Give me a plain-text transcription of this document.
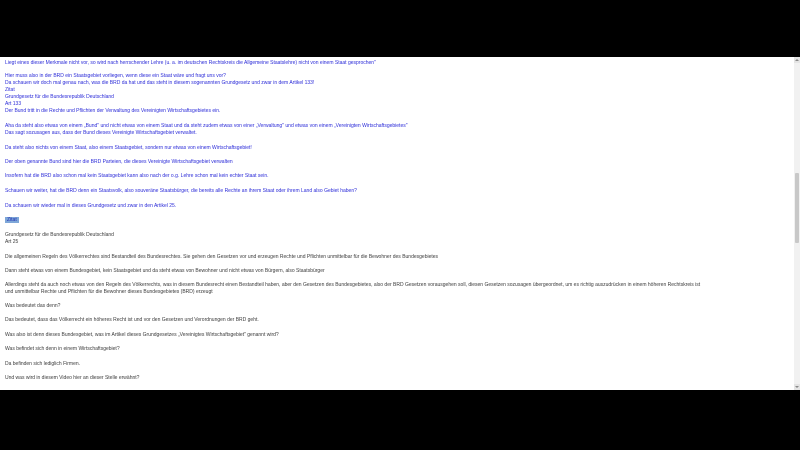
Liegt eines dieser Merkmale nicht vor, so wird nach herrschender Lehre (u. a. im deutschen Rechtskreis die Allgemeine Staatslehre) nicht von einem Staat gesprochen"
Hier muss also in der BRD ein Staatsgebiet vorliegen, wenn diese ein Staat wäre und fragt uns vor?
Da schauen wir doch mal genau nach, was die BRD da hat und das steht in diesem sogenannten Grundgesetz und zwar in dem Artikel 133!
Zitat
Grundgesetz für die Bundesrepublik Deutschland
Art 133
Der Bund tritt in die Rechte und Pflichten der Verwaltung des Vereinigten Wirtschaftsgebietes ein.
Aha da steht also etwas von einem „Bund" und nicht etwas von einem Staat und da steht zudem etwas von einer „Verwaltung" und etwas von einem „Vereinigten Wirtschaftsgebietes"
Das sagt sozusagen aus, dass der Bund dieses Vereinigte Wirtschaftsgebiet verwaltet.
Da steht also nichts von einem Staat, also einem Staatsgebiet, sondern nur etwas von einem Wirtschaftsgebiet!
Der oben genannte Bund sind hier die BRD Parteien, die dieses Vereinigte Wirtschaftsgebiet verwalten
Insofern hat die BRD also schon mal kein Staatsgebiet kann also nach der o.g. Lehre schon mal kein echter Staat sein.
Schauen wir weiter, hat die BRD denn ein Staatsvolk, also souveräne Staatsbürger, die bereits alle Rechte an ihrem Staat oder ihrem Land also Gebiet haben?
Da schauen wir wieder mal in dieses Grundgesetz und zwar in den Artikel 25.
Zitat
Grundgesetz für die Bundesrepublik Deutschland
Art 25
Die allgemeinen Regeln des Völkerrechtes sind Bestandteil des Bundesrechtes. Sie gehen den Gesetzen vor und erzeugen Rechte und Pflichten unmittelbar für die Bewohner des Bundesgebietes
Dann steht etwas von einem Bundesgebiet, kein Staatsgebiet und da steht etwas von Bewohner und nicht etwas von Bürgern, also Staatsbürger
Allerdings steht da auch noch etwas von den Regeln des Völkerrechts, was in diesem Bundesrecht einen Bestandteil haben, aber den Gesetzen des Bundesgebietes, also der BRD Gesetzen vorausgehen soll, diesen Gesetzen sozusagen übergeordnet, um es richtig auszudrücken in einem höheren Rechtskreis ist
und unmittelbar Rechte und Pflichten für die Bewohner dieses Bundesgebietes (BRD) erzeugt
Was bedeutet das denn?
Das bedeutet, dass das Völkerrecht ein höheres Recht ist und vor den Gesetzen und Verordnungen der BRD geht.
Was also ist denn dieses Bundesgebiet, was im Artikel dieses Grundgesetzes „Vereinigtes Wirtschaftsgebiet" genannt wird?
Was befindet sich denn in einem Wirtschaftsgebiet?
Da befinden sich lediglich Firmen.
Und was wird in diesem Video hier an dieser Stelle erwähnt?
